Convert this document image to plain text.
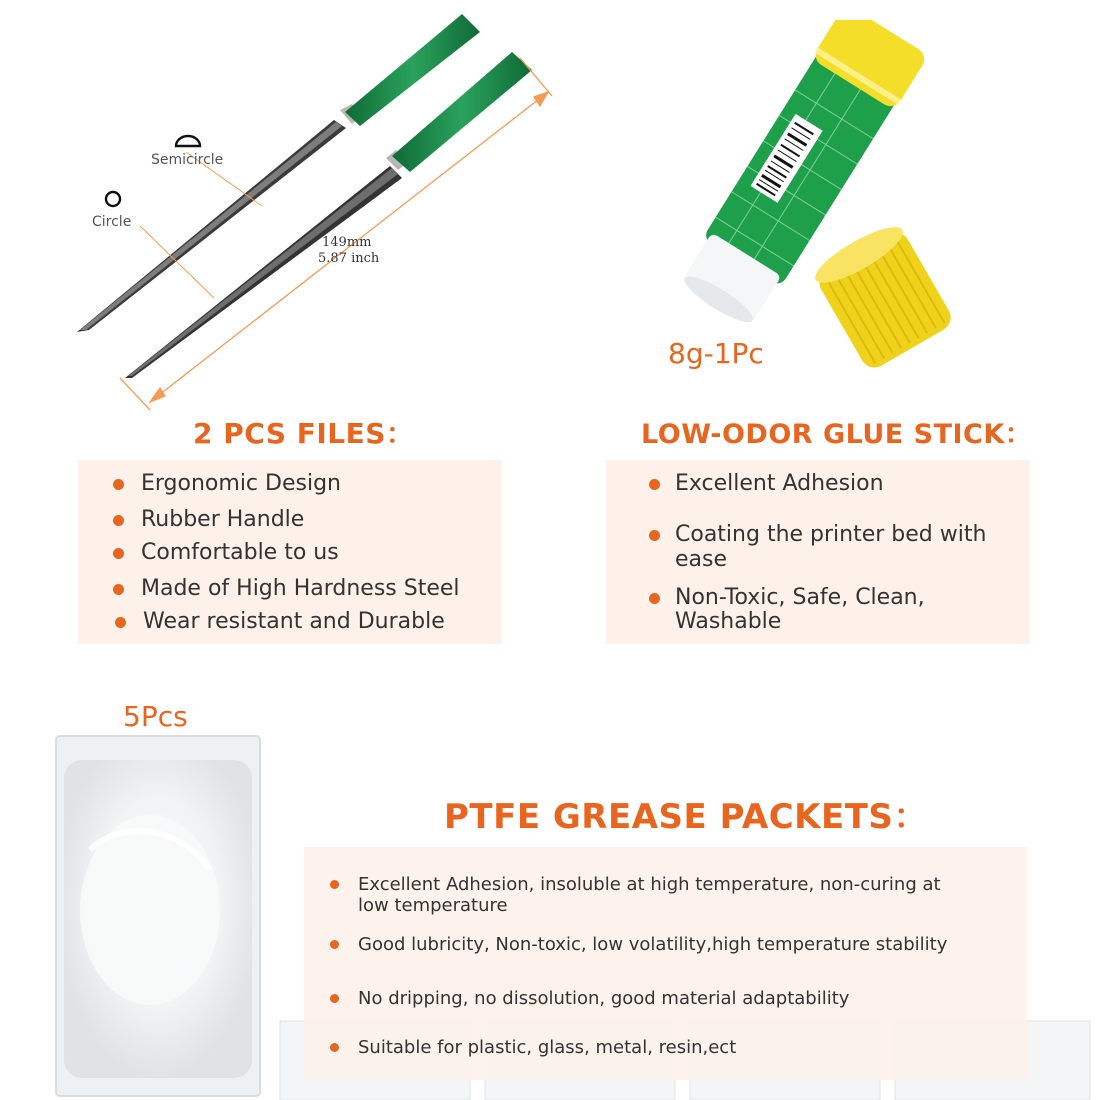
Semicircle
Circle
149mm
5.87 inch
8g-1Pc
2 PCS FILES：	LOW-ODOR GLUE STICK：
Ergonomic Design
Rubber Handle
Comfortable to us
Made of High Hardness Steel
Wear resistant and Durable
Excellent Adhesion
Coating the printer bed with
ease
Non-Toxic, Safe, Clean,
Washable
5Pcs
PTFE GREASE PACKETS：
Excellent Adhesion, insoluble at high temperature, non-curing at
low temperature
Good lubricity, Non-toxic, low volatility,high temperature stability
No dripping, no dissolution, good material adaptability
Suitable for plastic, glass, metal, resin,ect
